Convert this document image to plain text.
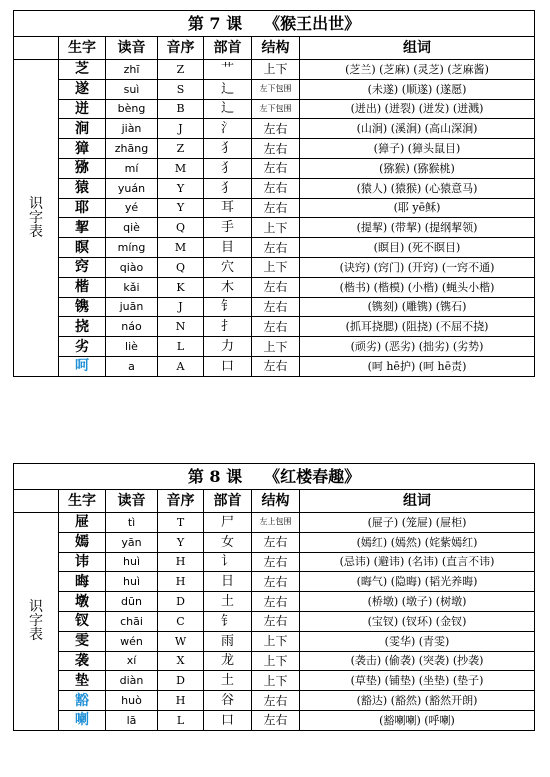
第 7 课 《猴王出世》						
	生字	读音	音序	部首	结构	组词

识
字
表	芝	zhī	Z	艹	上下	(芝兰) (芝麻) (灵芝) (芝麻酱)
	遂	suì	S	辶	左下包围	(未遂) (顺遂) (遂愿)
	迸	bèng	B	辶	左下包围	(迸出) (迸裂) (迸发) (迸溅)
	涧	jiàn	J	氵	左右	(山涧) (溪涧) (高山深涧)
	獐	zhāng	Z	犭	左右	(獐子) (獐头鼠目)
	猕	mí	M	犭	左右	(猕猴) (猕猴桃)
	猿	yuán	Y	犭	左右	(猿人) (猿猴) (心猿意马)
	耶	yé	Y	耳	左右	(耶 yē稣)
	挈	qiè	Q	手	上下	(提挈) (带挈) (提纲挈领)
	瞑	míng	M	目	左右	(瞑目) (死不瞑目)
	窍	qiào	Q	穴	上下	(诀窍) (窍门) (开窍) (一窍不通)
	楷	kǎi	K	木	左右	(楷书) (楷模) (小楷) (蝇头小楷)
	镌	juān	J	钅	左右	(镌刻) (雕镌) (镌石)
	挠	náo	N	扌	左右	(抓耳挠腮) (阻挠) (不屈不挠)
	劣	liè	L	力	上下	(顽劣) (恶劣) (拙劣) (劣势)
	呵	a	A	口	左右	(呵 hē护) (呵 hē责)
第 8 课 《红楼春趣》						
	生字	读音	音序	部首	结构	组词

识
字
表	屉	tì	T	尸	左上包围	(屉子) (笼屉) (屉柜)
	嫣	yān	Y	女	左右	(嫣红) (嫣然) (姹紫嫣红)
	讳	huì	H	讠	左右	(忌讳) (避讳) (名讳) (直言不讳)
	晦	huì	H	日	左右	(晦气) (隐晦) (韬光养晦)
	墩	dūn	D	土	左右	(桥墩) (墩子) (树墩)
	钗	chāi	C	钅	左右	(宝钗) (钗环) (金钗)
	雯	wén	W	雨	上下	(雯华) (青雯)
	袭	xí	X	龙	上下	(袭击) (偷袭) (突袭) (抄袭)
	垫	diàn	D	土	上下	(草垫) (铺垫) (坐垫) (垫子)
	豁	huò	H	谷	左右	(豁达) (豁然) (豁然开朗)
	喇	lā	L	口	左右	(豁喇喇) (呼喇)
